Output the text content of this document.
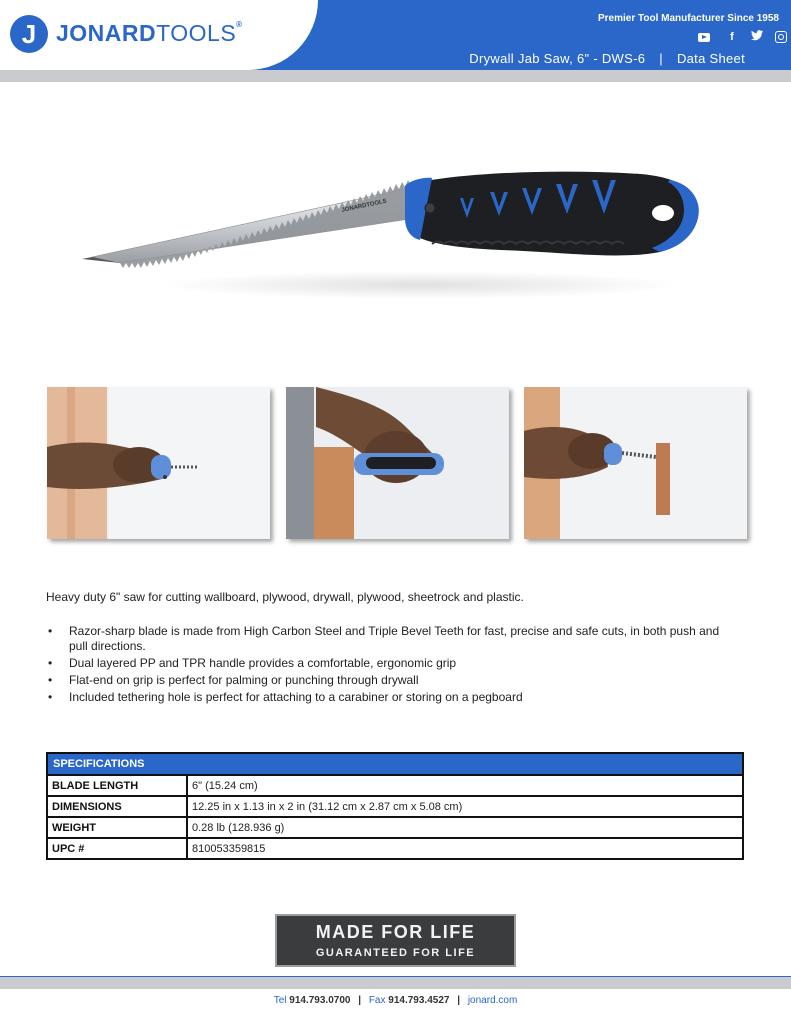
J JONARDTOOLS®
Premier Tool Manufacturer Since 1958
f
Drywall Jab Saw, 6" - DWS-6 | Data Sheet
JONARDTOOLS
Heavy duty 6" saw for cutting wallboard, plywood, drywall, plywood, sheetrock and plastic.
• Razor-sharp blade is made from High Carbon Steel and Triple Bevel Teeth for fast, precise and safe cuts, in both push and pull directions.
• Dual layered PP and TPR handle provides a comfortable, ergonomic grip
• Flat-end on grip is perfect for palming or punching through drywall
• Included tethering hole is perfect for attaching to a carabiner or storing on a pegboard
SPECIFICATIONS	
BLADE LENGTH	6" (15.24 cm)
DIMENSIONS	12.25 in x 1.13 in x 2 in (31.12 cm x 2.87 cm x 5.08 cm)
WEIGHT	0.28 lb (128.936 g)
UPC #	810053359815
MADE FOR LIFE
GUARANTEED FOR LIFE
Tel 914.793.0700 | Fax 914.793.4527 | jonard.com
